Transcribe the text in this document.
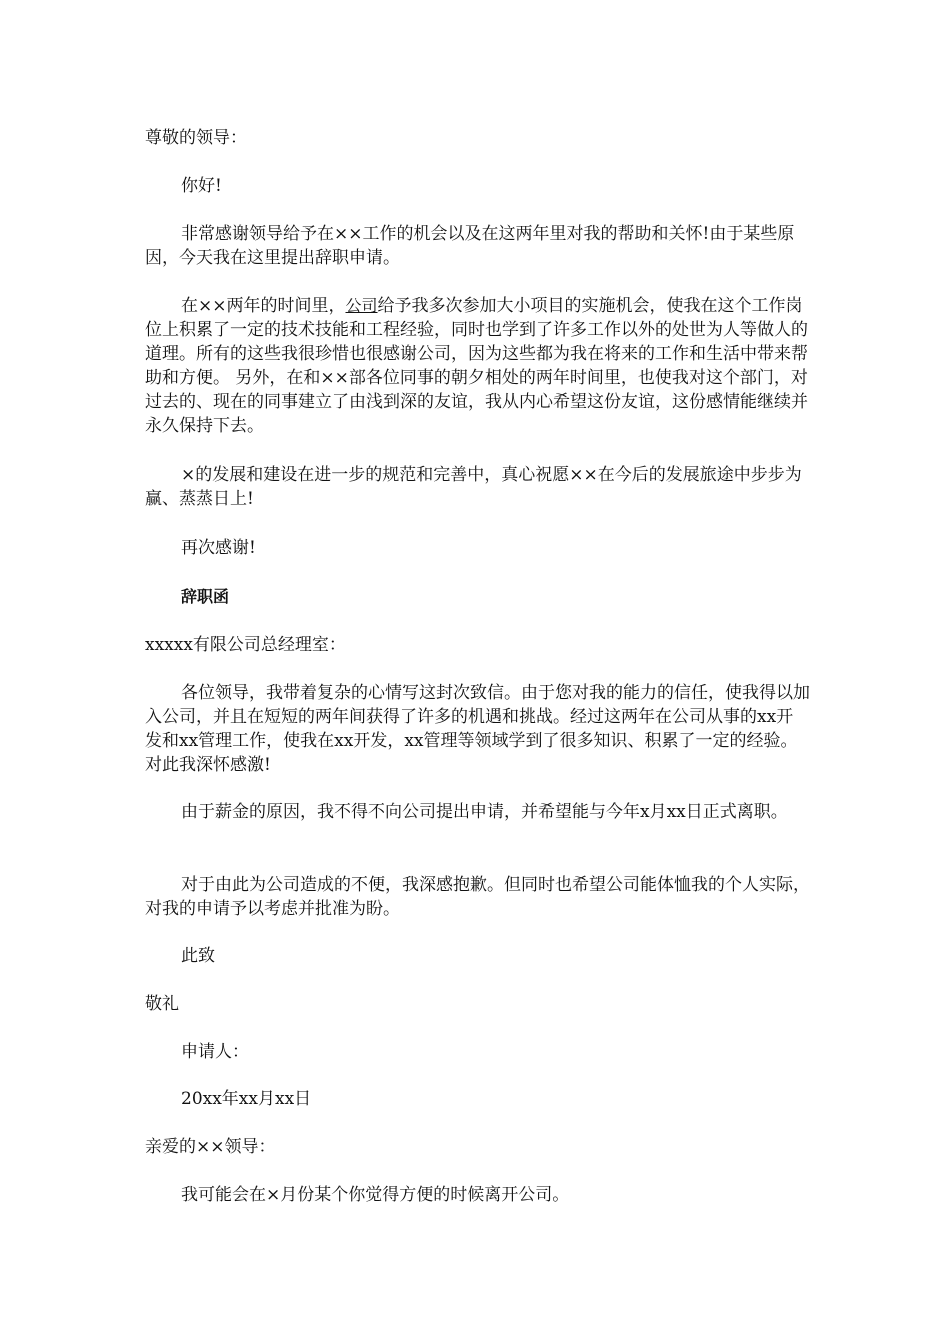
尊敬的领导：

你好!

非常感谢领导给予在××工作的机会以及在这两年里对我的帮助和关怀!由于某些原因，今天我在这里提出辞职申请。

在××两年的时间里，公司给予我多次参加大小项目的实施机会，使我在这个工作岗位上积累了一定的技术技能和工程经验，同时也学到了许多工作以外的处世为人等做人的道理。所有的这些我很珍惜也很感谢公司，因为这些都为我在将来的工作和生活中带来帮助和方便。 另外，在和××部各位同事的朝夕相处的两年时间里，也使我对这个部门，对过去的、现在的同事建立了由浅到深的友谊，我从内心希望这份友谊，这份感情能继续并永久保持下去。

×的发展和建设在进一步的规范和完善中，真心祝愿××在今后的发展旅途中步步为赢、蒸蒸日上!

再次感谢!

辞职函

xxxxx有限公司总经理室：

各位领导，我带着复杂的心情写这封次致信。由于您对我的能力的信任，使我得以加入公司，并且在短短的两年间获得了许多的机遇和挑战。经过这两年在公司从事的xx开发和xx管理工作，使我在xx开发，xx管理等领域学到了很多知识、积累了一定的经验。对此我深怀感激!

由于薪金的原因，我不得不向公司提出申请，并希望能与今年x月xx日正式离职。

对于由此为公司造成的不便，我深感抱歉。但同时也希望公司能体恤我的个人实际，对我的申请予以考虑并批准为盼。

此致

敬礼

申请人：

20xx年xx月xx日

亲爱的××领导：

我可能会在×月份某个你觉得方便的时候离开公司。
